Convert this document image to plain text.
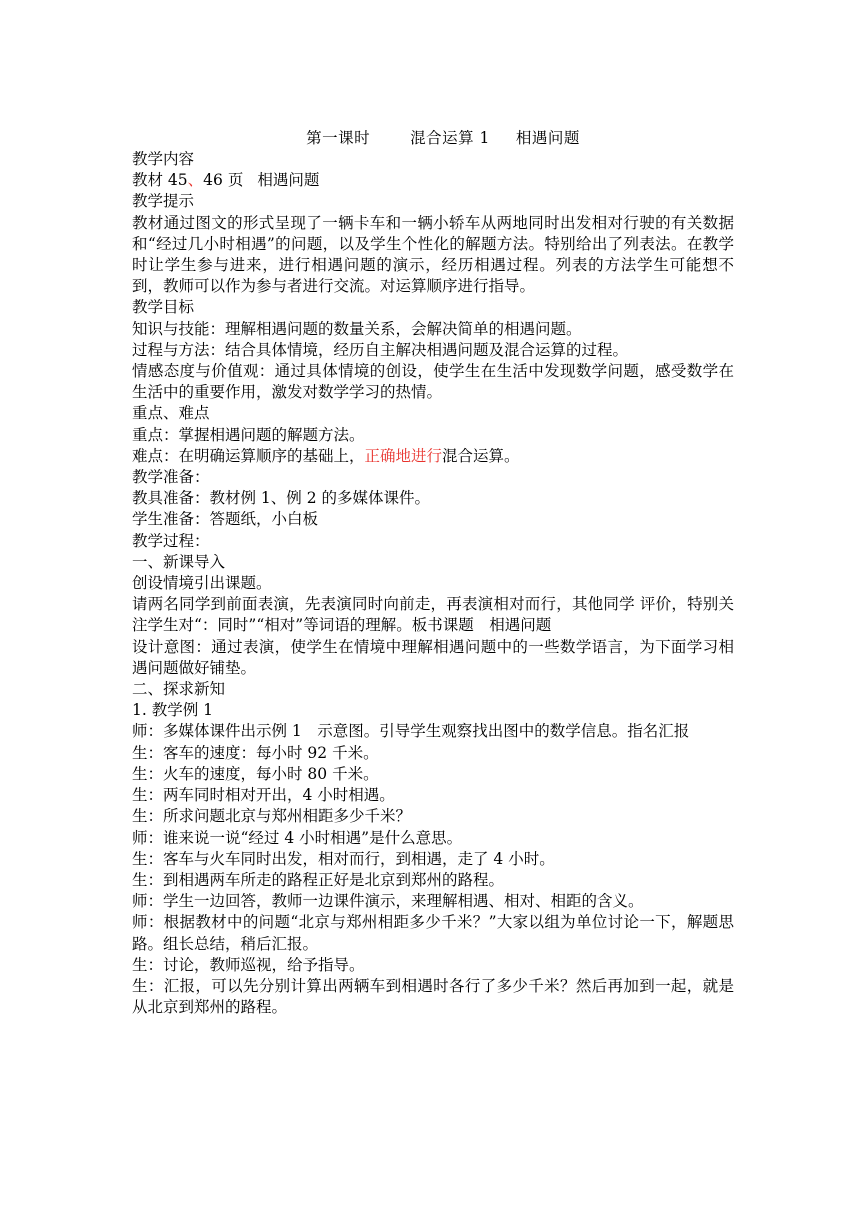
第一课时	混合运算 1 相遇问题

教学内容

教材 45、46 页 相遇问题

教学提示

教材通过图文的形式呈现了一辆卡车和一辆小轿车从两地同时出发相对行驶的有关数据和“经过几小时相遇”的问题，以及学生个性化的解题方法。特别给出了列表法。在教学时让学生参与进来，进行相遇问题的演示，经历相遇过程。列表的方法学生可能想不到，教师可以作为参与者进行交流。对运算顺序进行指导。

教学目标

知识与技能：理解相遇问题的数量关系，会解决简单的相遇问题。

过程与方法：结合具体情境，经历自主解决相遇问题及混合运算的过程。

情感态度与价值观：通过具体情境的创设，使学生在生活中发现数学问题，感受数学在生活中的重要作用，激发对数学学习的热情。

重点、难点

重点：掌握相遇问题的解题方法。

难点：在明确运算顺序的基础上，正确地进行混合运算。

教学准备：

教具准备：教材例 1、例 2 的多媒体课件。

学生准备：答题纸，小白板

教学过程：

一、新课导入

创设情境引出课题。

请两名同学到前面表演，先表演同时向前走，再表演相对而行，其他同学 评价，特别关注学生对“：同时”“相对”等词语的理解。板书课题　相遇问题

设计意图：通过表演，使学生在情境中理解相遇问题中的一些数学语言，为下面学习相遇问题做好铺垫。

二、探求新知

1. 教学例 1

师：多媒体课件出示例 1　示意图。引导学生观察找出图中的数学信息。指名汇报

生：客车的速度：每小时 92 千米。

生：火车的速度，每小时 80 千米。

生：两车同时相对开出，4 小时相遇。

生：所求问题北京与郑州相距多少千米？

师：谁来说一说“经过 4 小时相遇”是什么意思。

生：客车与火车同时出发，相对而行，到相遇，走了 4 小时。

生：到相遇两车所走的路程正好是北京到郑州的路程。

师：学生一边回答，教师一边课件演示，来理解相遇、相对、相距的含义。

师：根据教材中的问题“北京与郑州相距多少千米？”大家以组为单位讨论一下，解题思路。组长总结，稍后汇报。

生：讨论，教师巡视，给予指导。

生：汇报，可以先分别计算出两辆车到相遇时各行了多少千米？然后再加到一起，就是从北京到郑州的路程。
